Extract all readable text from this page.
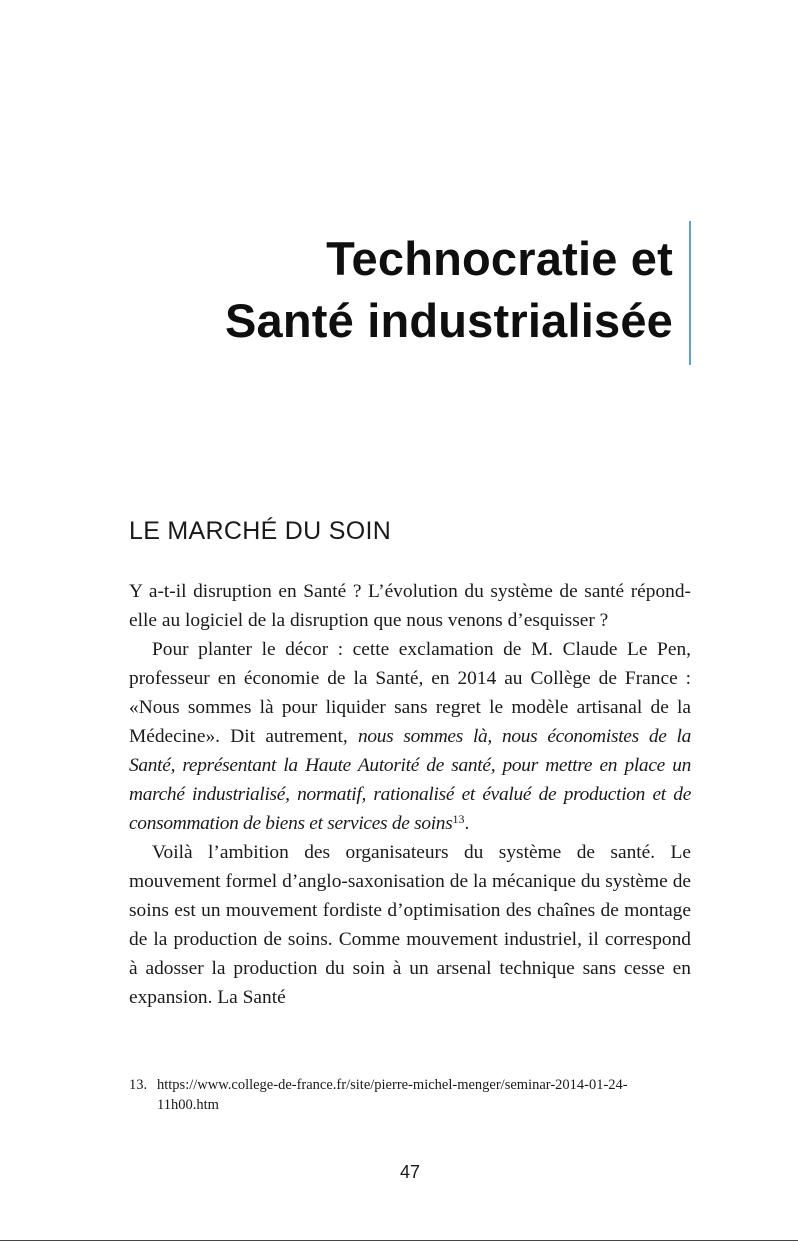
Technocratie et
Santé industrialisée
LE MARCHÉ DU SOIN

Y a-t-il disruption en Santé ? L’évolution du système de santé répond-elle au logiciel de la disruption que nous venons d’esquisser ?

Pour planter le décor : cette exclamation de M. Claude Le Pen, professeur en économie de la Santé, en 2014 au Collège de France : «Nous sommes là pour liquider sans regret le modèle artisanal de la Médecine». Dit autrement, nous sommes là, nous économistes de la Santé, représentant la Haute Autorité de santé, pour mettre en place un marché industrialisé, normatif, rationalisé et évalué de production et de consommation de biens et services de soins$^{13}$.

Voilà l’ambition des organisateurs du système de santé. Le mouvement formel d’anglo-saxonisation de la mécanique du système de soins est un mouvement fordiste d’optimisation des chaînes de montage de la production de soins. Comme mouvement industriel, il correspond à adosser la production du soin à un arsenal technique sans cesse en expansion. La Santé

13. https://www.college-de-france.fr/site/pierre-michel-menger/seminar-2014-01-24-
11h00.htm
47
